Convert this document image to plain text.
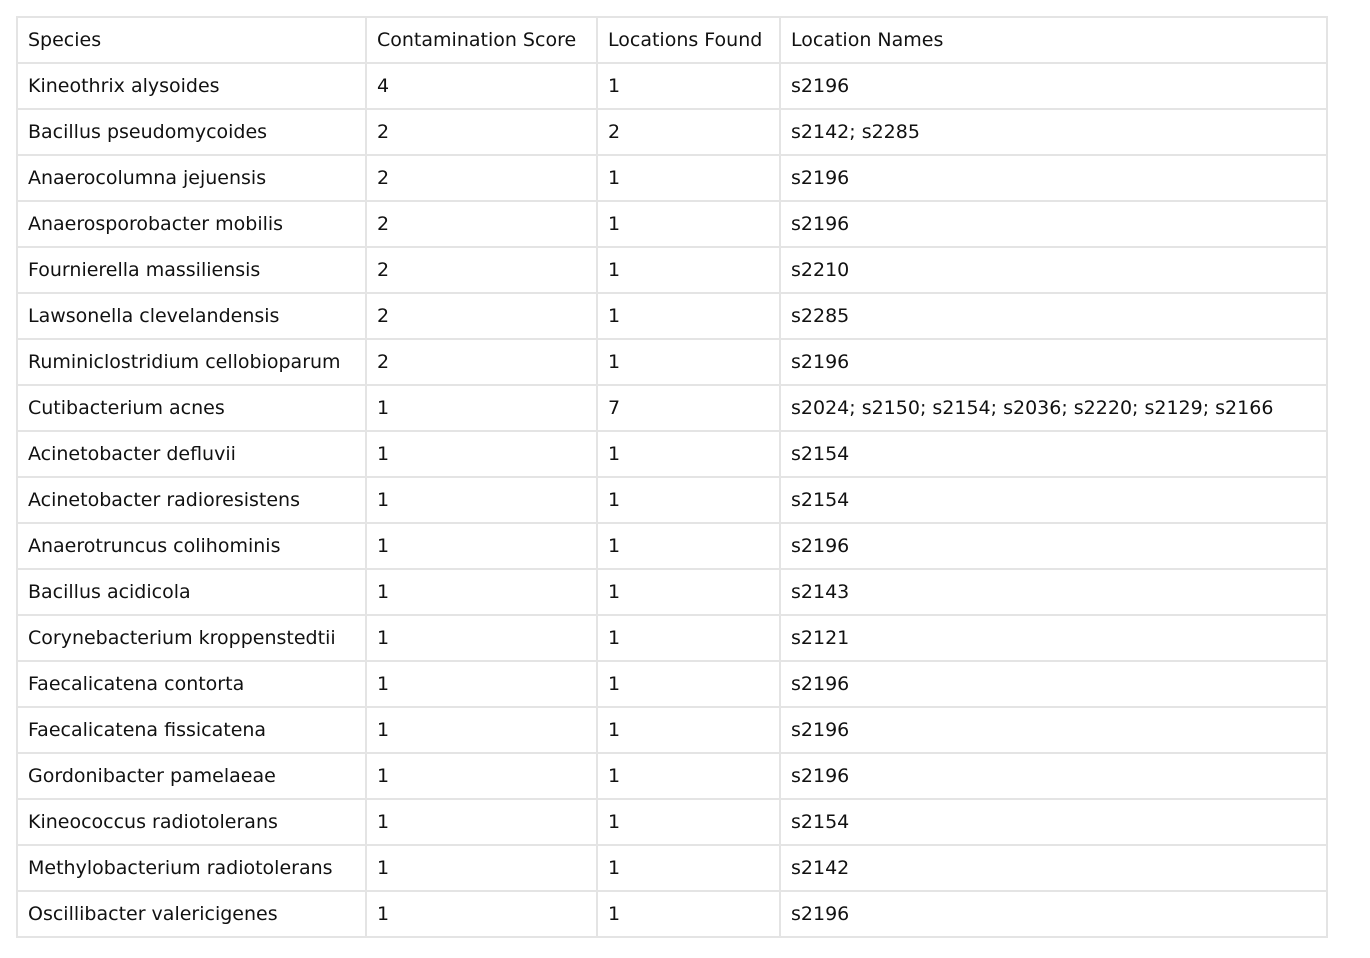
Species	Contamination Score	Locations Found	Location Names
Kineothrix alysoides	4	1	s2196
Bacillus pseudomycoides	2	2	s2142; s2285
Anaerocolumna jejuensis	2	1	s2196
Anaerosporobacter mobilis	2	1	s2196
Fournierella massiliensis	2	1	s2210
Lawsonella clevelandensis	2	1	s2285
Ruminiclostridium cellobioparum	2	1	s2196
Cutibacterium acnes	1	7	s2024; s2150; s2154; s2036; s2220; s2129; s2166
Acinetobacter defluvii	1	1	s2154
Acinetobacter radioresistens	1	1	s2154
Anaerotruncus colihominis	1	1	s2196
Bacillus acidicola	1	1	s2143
Corynebacterium kroppenstedtii	1	1	s2121
Faecalicatena contorta	1	1	s2196
Faecalicatena fissicatena	1	1	s2196
Gordonibacter pamelaeae	1	1	s2196
Kineococcus radiotolerans	1	1	s2154
Methylobacterium radiotolerans	1	1	s2142
Oscillibacter valericigenes	1	1	s2196
